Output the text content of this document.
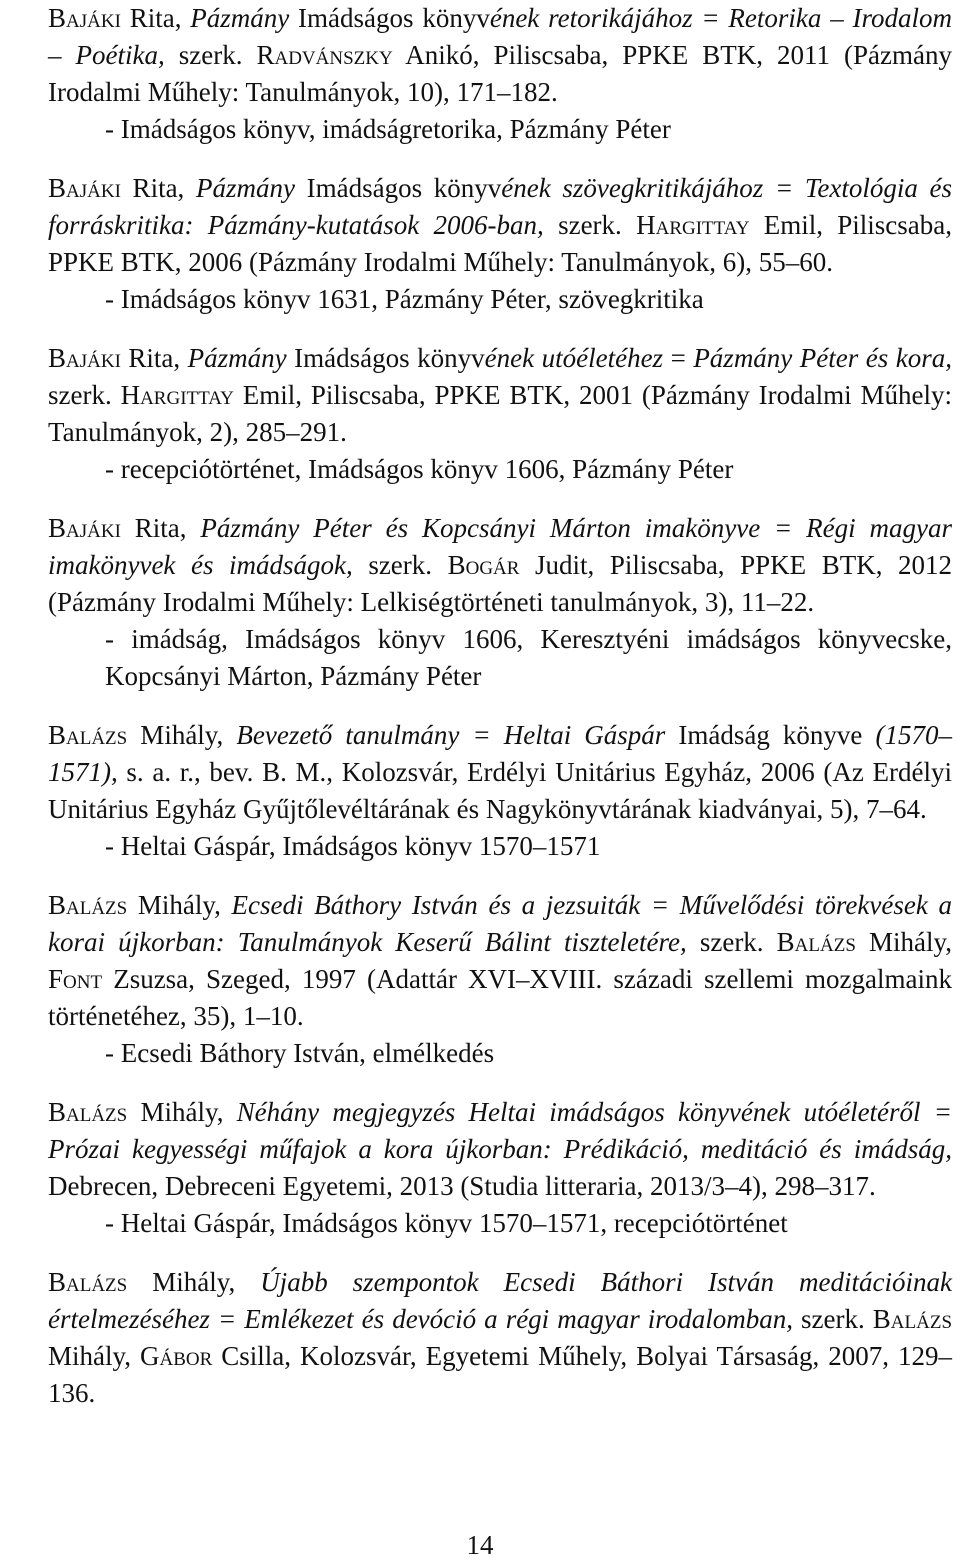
Bajáki Rita, Pázmány Imádságos könyvének retorikájához = Retorika – Irodalom – Poétika, szerk. Radvánszky Anikó, Piliscsaba, PPKE BTK, 2011 (Pázmány Irodalmi Műhely: Tanulmányok, 10), 171–182.

- Imádságos könyv, imádságretorika, Pázmány Péter

Bajáki Rita, Pázmány Imádságos könyvének szövegkritikájához = Textológia és forráskritika: Pázmány-kutatások 2006-ban, szerk. Hargittay Emil, Piliscsaba, PPKE BTK, 2006 (Pázmány Irodalmi Műhely: Tanulmányok, 6), 55–60.

- Imádságos könyv 1631, Pázmány Péter, szövegkritika

Bajáki Rita, Pázmány Imádságos könyvének utóéletéhez = Pázmány Péter és kora, szerk. Hargittay Emil, Piliscsaba, PPKE BTK, 2001 (Pázmány Irodalmi Műhely: Tanulmányok, 2), 285–291.

- recepciótörténet, Imádságos könyv 1606, Pázmány Péter

Bajáki Rita, Pázmány Péter és Kopcsányi Márton imakönyve = Régi magyar imakönyvek és imádságok, szerk. Bogár Judit, Piliscsaba, PPKE BTK, 2012 (Pázmány Irodalmi Műhely: Lelkiségtörténeti tanulmányok, 3), 11–22.

- imádság, Imádságos könyv 1606, Keresztyéni imádságos könyvecske, Kopcsányi Márton, Pázmány Péter

Balázs Mihály, Bevezető tanulmány = Heltai Gáspár Imádság könyve (1570–1571), s. a. r., bev. B. M., Kolozsvár, Erdélyi Unitárius Egyház, 2006 (Az Erdélyi Unitárius Egyház Gyűjtőlevéltárának és Nagykönyvtárának kiadványai, 5), 7–64.

- Heltai Gáspár, Imádságos könyv 1570–1571

Balázs Mihály, Ecsedi Báthory István és a jezsuiták = Művelődési törekvések a korai újkorban: Tanulmányok Keserű Bálint tiszteletére, szerk. Balázs Mihály, Font Zsuzsa, Szeged, 1997 (Adattár XVI–XVIII. századi szellemi mozgalmaink történetéhez, 35), 1–10.

- Ecsedi Báthory István, elmélkedés

Balázs Mihály, Néhány megjegyzés Heltai imádságos könyvének utóéletéről = Prózai kegyességi műfajok a kora újkorban: Prédikáció, meditáció és imádság, Debrecen, Debreceni Egyetemi, 2013 (Studia litteraria, 2013/3–4), 298–317.

- Heltai Gáspár, Imádságos könyv 1570–1571, recepciótörténet

Balázs Mihály, Újabb szempontok Ecsedi Báthori István meditációinak értelmezéséhez = Emlékezet és devóció a régi magyar irodalomban, szerk. Balázs Mihály, Gábor Csilla, Kolozsvár, Egyetemi Műhely, Bolyai Társaság, 2007, 129–136.

14
